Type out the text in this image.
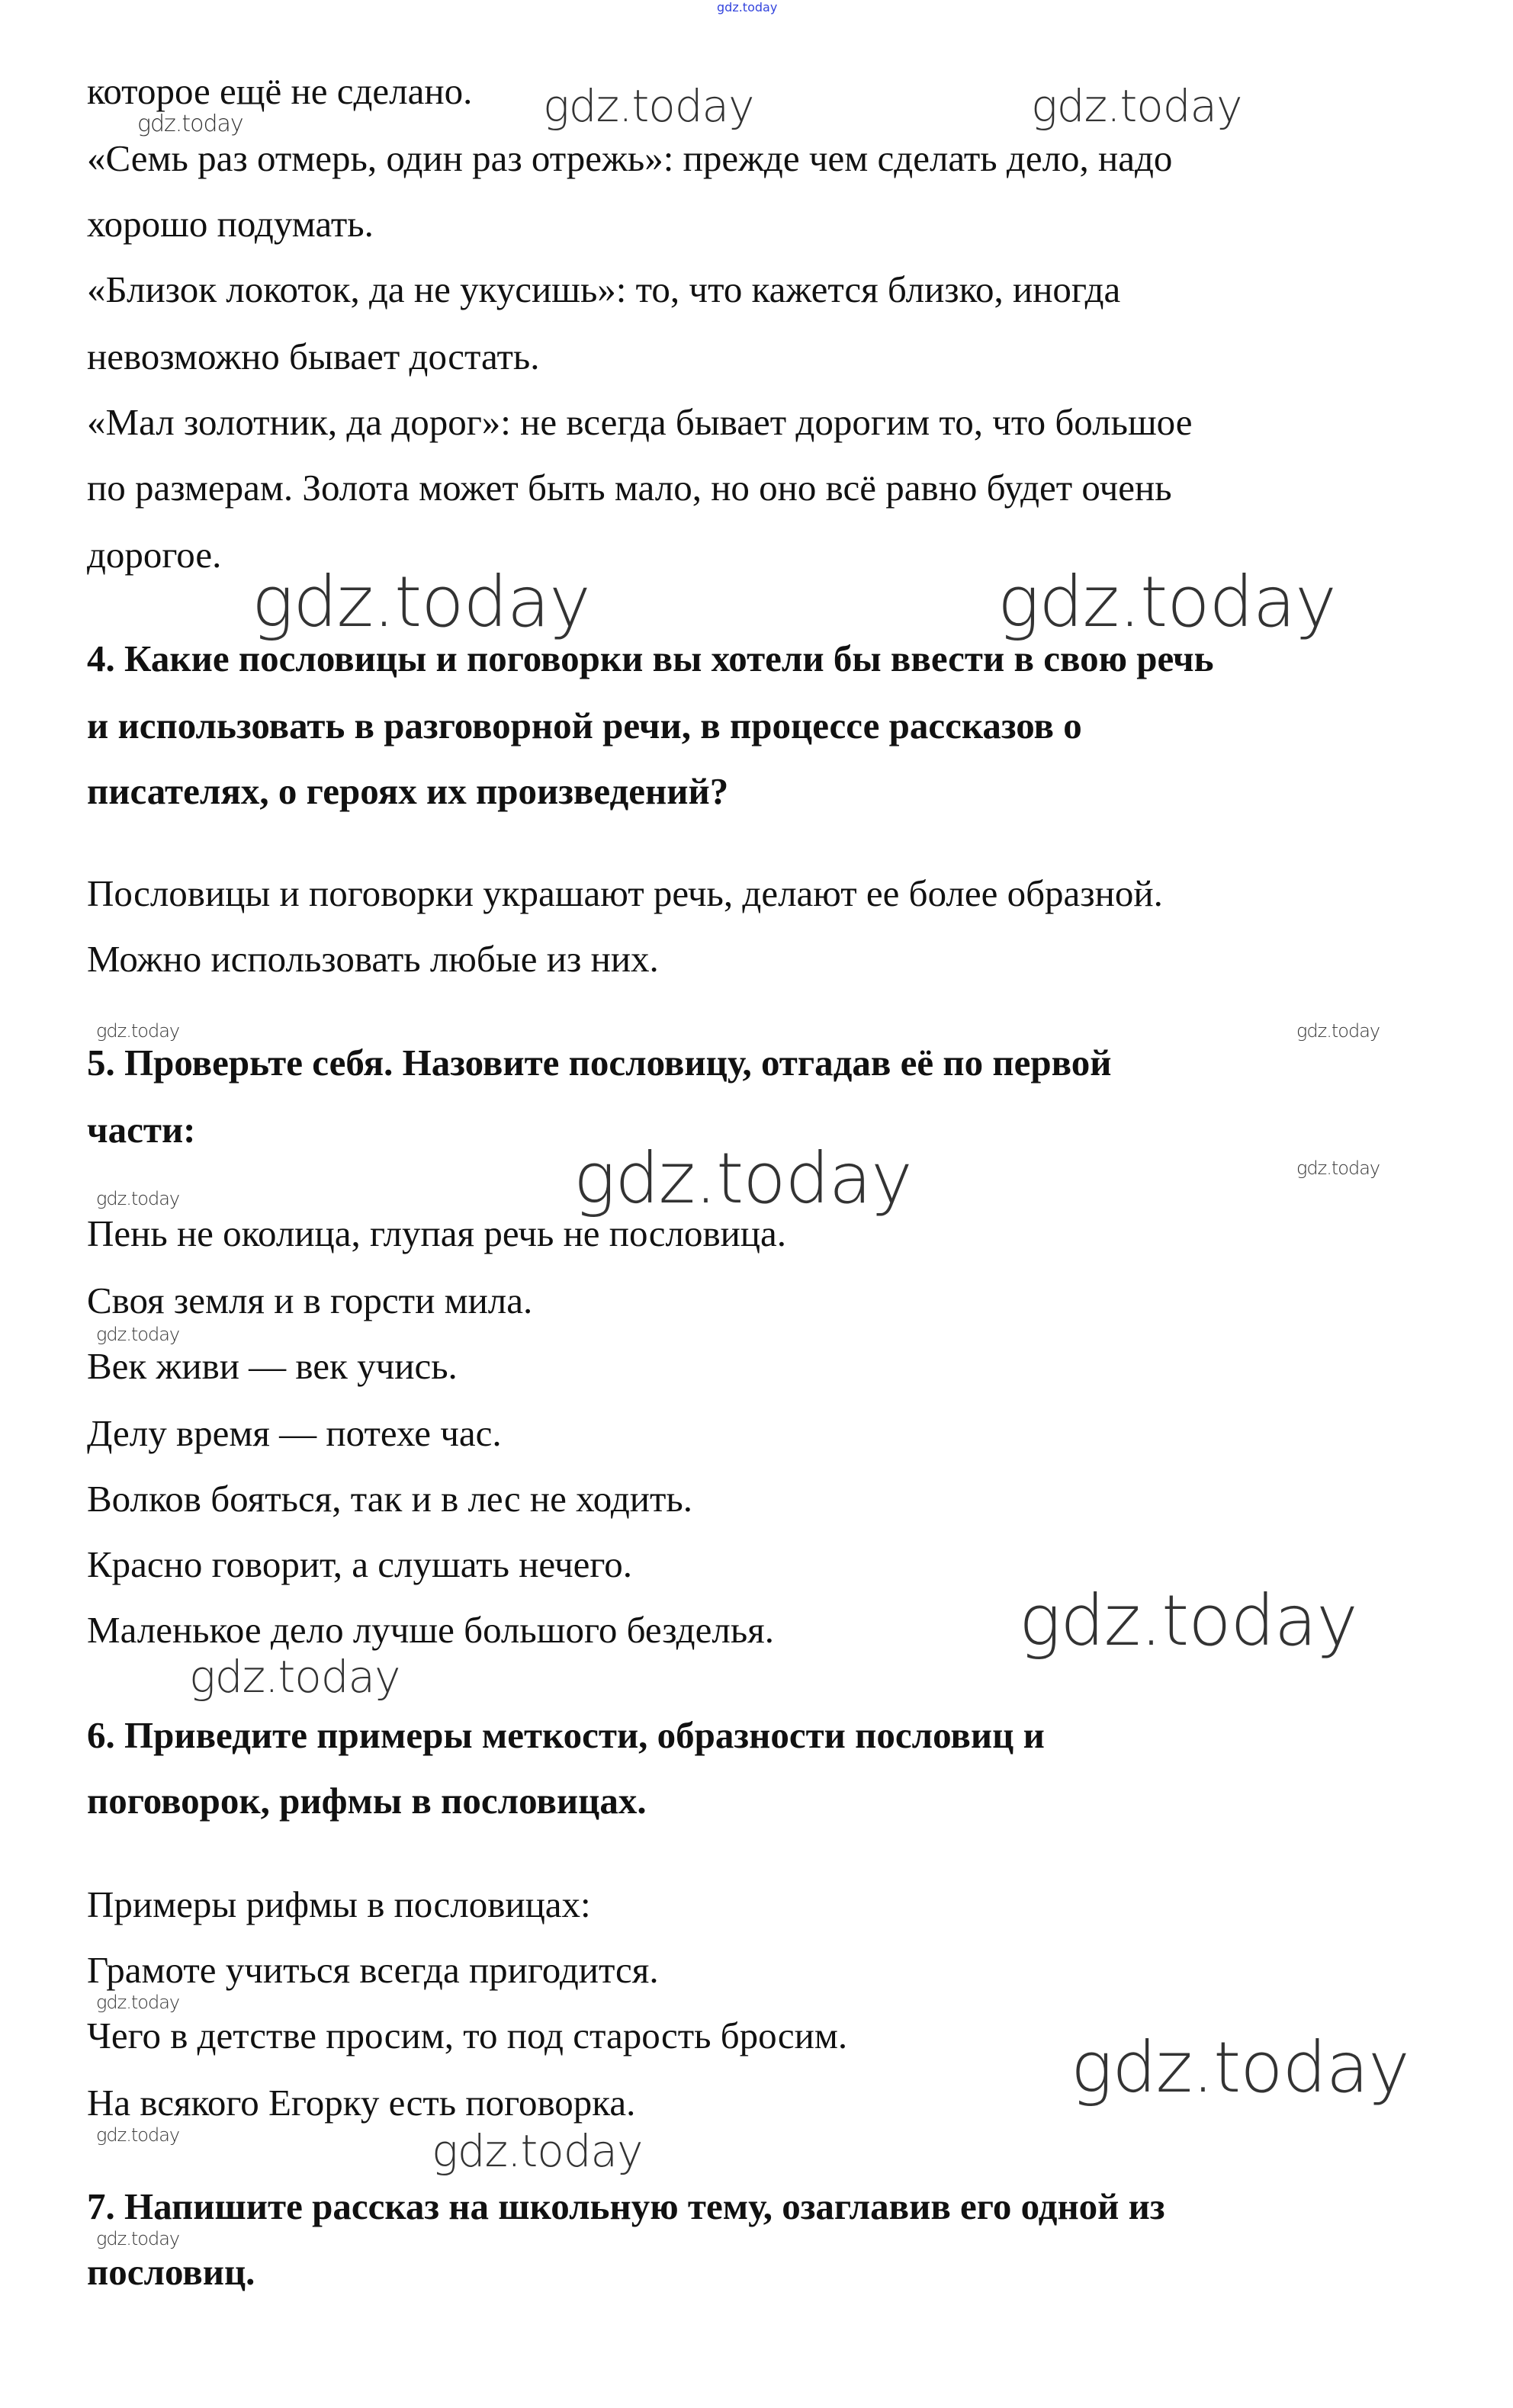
gdz.today
которое ещё не сделано.
«Семь раз отмерь, один раз отрежь»: прежде чем сделать дело, надо
хорошо подумать.
«Близок локоток, да не укусишь»: то, что кажется близко, иногда
невозможно бывает достать.
«Мал золотник, да дорог»: не всегда бывает дорогим то, что большое
по размерам. Золота может быть мало, но оно всё равно будет очень
дорогое.
4. Какие пословицы и поговорки вы хотели бы ввести в свою речь
и использовать в разговорной речи, в процессе рассказов о
писателях, о героях их произведений?
Пословицы и поговорки украшают речь, делают ее более образной.
Можно использовать любые из них.
5. Проверьте себя. Назовите пословицу, отгадав её по первой
части:
Пень не околица, глупая речь не пословица.
Своя земля и в горсти мила.
Век живи — век учись.
Делу время — потехе час.
Волков бояться, так и в лес не ходить.
Красно говорит, а слушать нечего.
Маленькое дело лучше большого безделья.
6. Приведите примеры меткости, образности пословиц и
поговорок, рифмы в пословицах.
Примеры рифмы в пословицах:
Грамоте учиться всегда пригодится.
Чего в детстве просим, то под старость бросим.
На всякого Егорку есть поговорка.
7. Напишите рассказ на школьную тему, озаглавив его одной из
пословиц.
gdz.today	gdz.today	gdz.today
gdz.today	gdz.today
gdz.today	gdz.today
gdz.today	gdz.today
gdz.today
gdz.today
gdz.today
gdz.today
gdz.today
gdz.today
gdz.today	gdz.today
gdz.today
